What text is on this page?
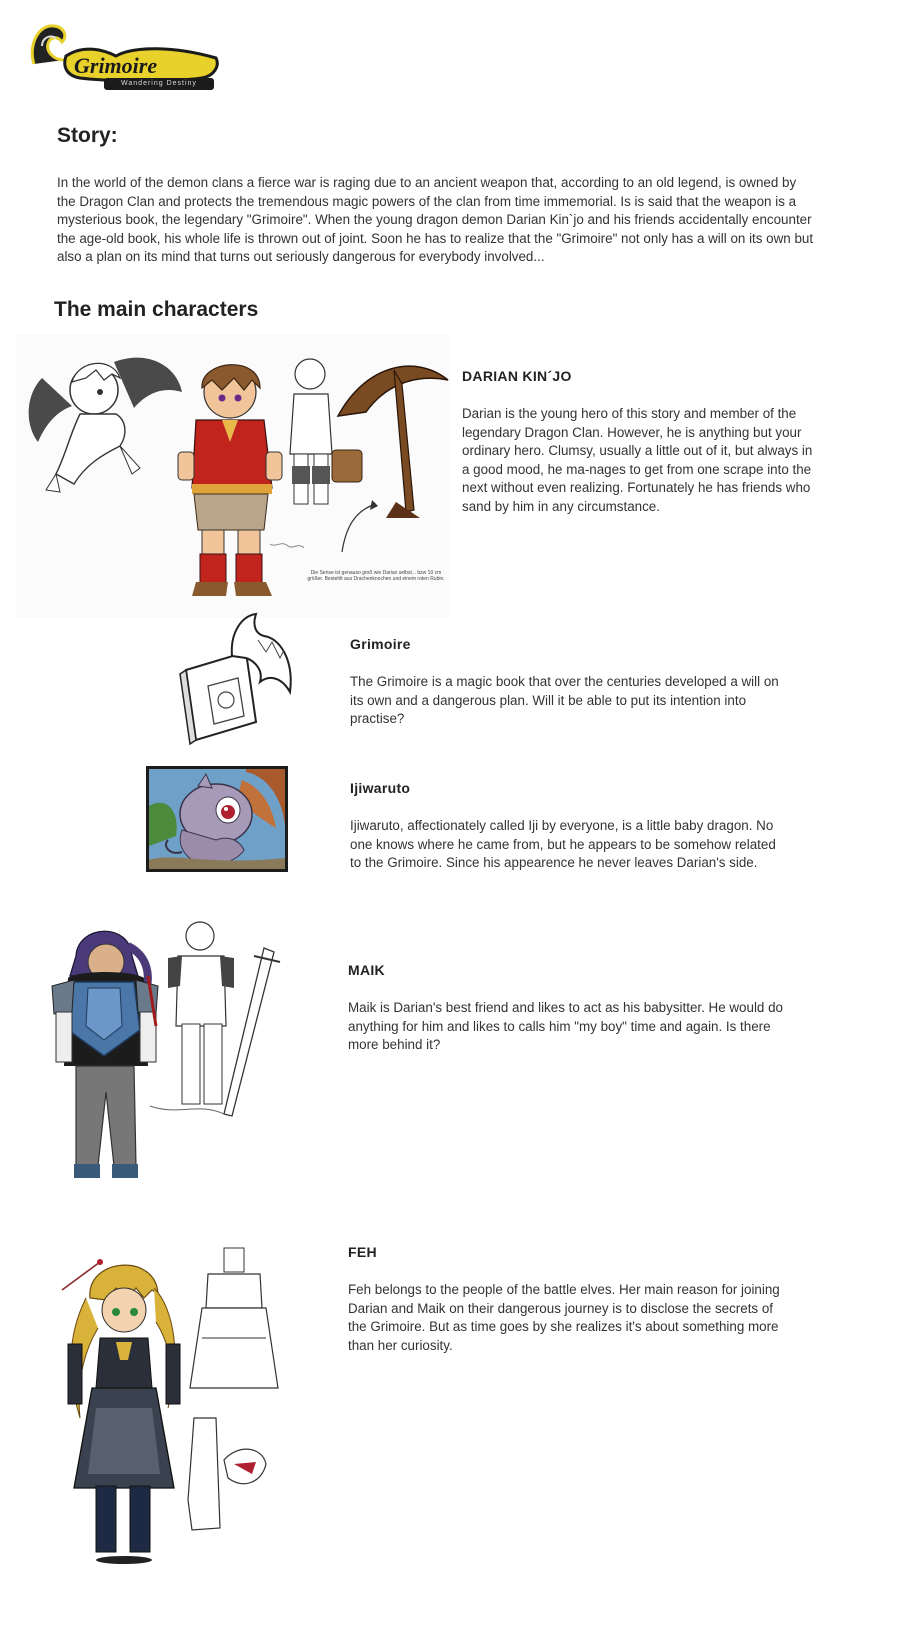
Grimoire
Wandering Destiny
Story:

In the world of the demon clans a fierce war is raging due to an ancient weapon that, according to an old legend, is owned by the Dragon Clan and protects the tremendous magic powers of the clan from time immemorial. Is is said that the weapon is a mysterious book, the legendary "Grimoire". When the young dragon demon Darian Kin`jo and his friends accidentally encounter the age-old book, his whole life is thrown out of joint. Soon he has to realize that the "Grimoire" not only has a will on its own but also a plan on its mind that turns out seriously dangerous for everybody involved...

The main characters
Die Sense ist genauso groß wie Darian selbst... bzw 10 cm größer. Bestehlt aus Drachenknochen und einem roten Rubin.
DARIAN KIN´JO

Darian is the young hero of this story and member of the legendary Dragon Clan. However, he is anything but your ordinary hero. Clumsy, usually a little out of it, but always in a good mood, he ma-nages to get from one scrape into the next without even realizing. Fortunately he has friends who sand by him in any circumstance.

Grimoire

The Grimoire is a magic book that over the centuries developed a will on its own and a dangerous plan. Will it be able to put its intention into practise?

Ijiwaruto

Ijiwaruto, affectionately called Iji by everyone, is a little baby dragon. No one knows where he came from, but he appears to be somehow related to the Grimoire. Since his appearence he never leaves Darian's side.

MAIK

Maik is Darian's best friend and likes to act as his babysitter. He would do anything for him and likes to calls him "my boy" time and again. Is there more behind it?

FEH

Feh belongs to the people of the battle elves. Her main reason for joining Darian and Maik on their dangerous journey is to disclose the secrets of the Grimoire. But as time goes by she realizes it's about something more than her curiosity.
